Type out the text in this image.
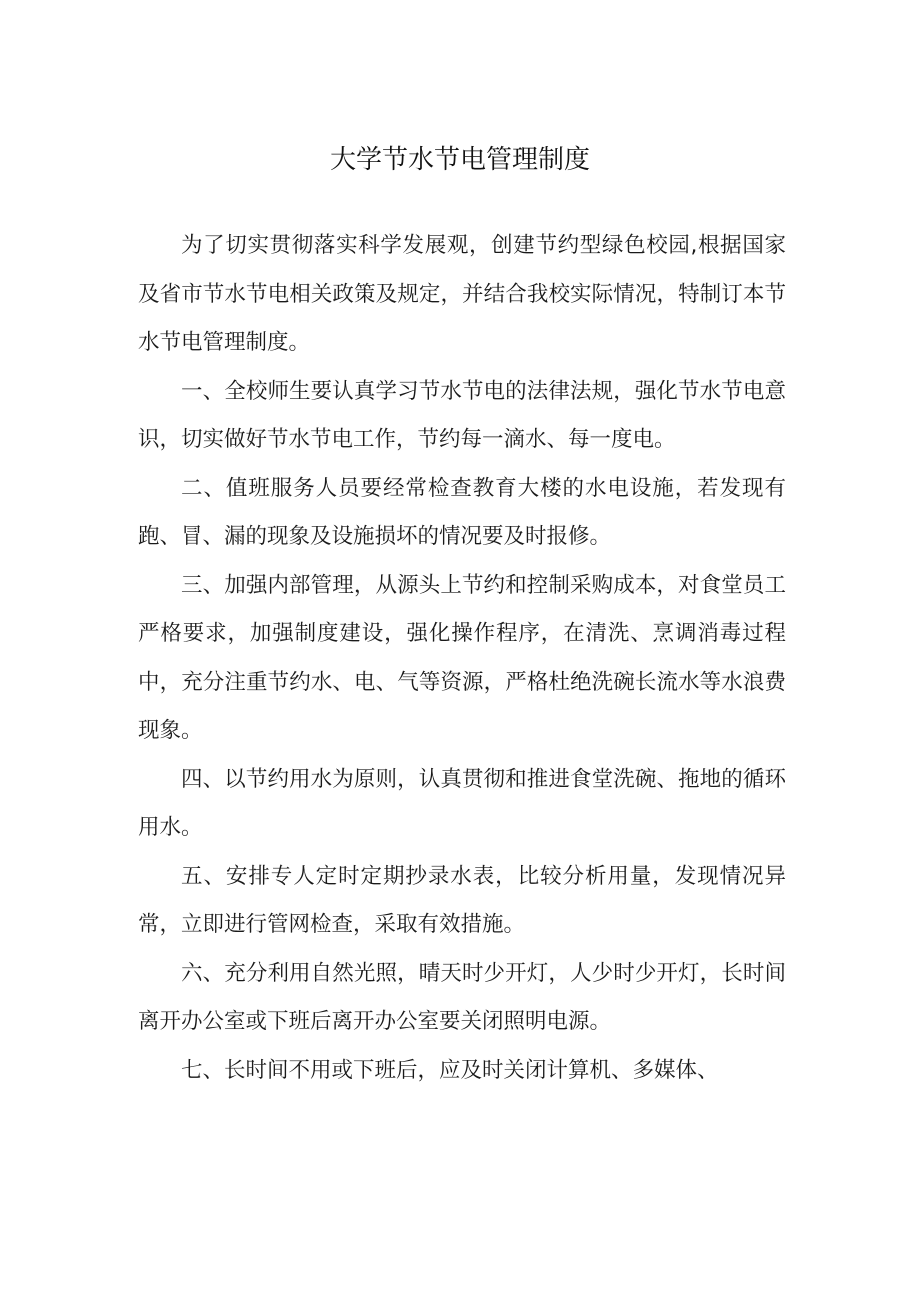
大学节水节电管理制度

为了切实贯彻落实科学发展观，创建节约型绿色校园,根据国家及省市节水节电相关政策及规定，并结合我校实际情况，特制订本节水节电管理制度。

一、全校师生要认真学习节水节电的法律法规，强化节水节电意识，切实做好节水节电工作，节约每一滴水、每一度电。

二、值班服务人员要经常检查教育大楼的水电设施，若发现有跑、冒、漏的现象及设施损坏的情况要及时报修。

三、加强内部管理，从源头上节约和控制采购成本，对食堂员工严格要求，加强制度建设，强化操作程序，在清洗、烹调消毒过程中，充分注重节约水、电、气等资源，严格杜绝洗碗长流水等水浪费现象。

四、以节约用水为原则，认真贯彻和推进食堂洗碗、拖地的循环用水。

五、安排专人定时定期抄录水表，比较分析用量，发现情况异常，立即进行管网检查，采取有效措施。

六、充分利用自然光照，晴天时少开灯，人少时少开灯，长时间离开办公室或下班后离开办公室要关闭照明电源。

七、长时间不用或下班后，应及时关闭计算机、多媒体、
